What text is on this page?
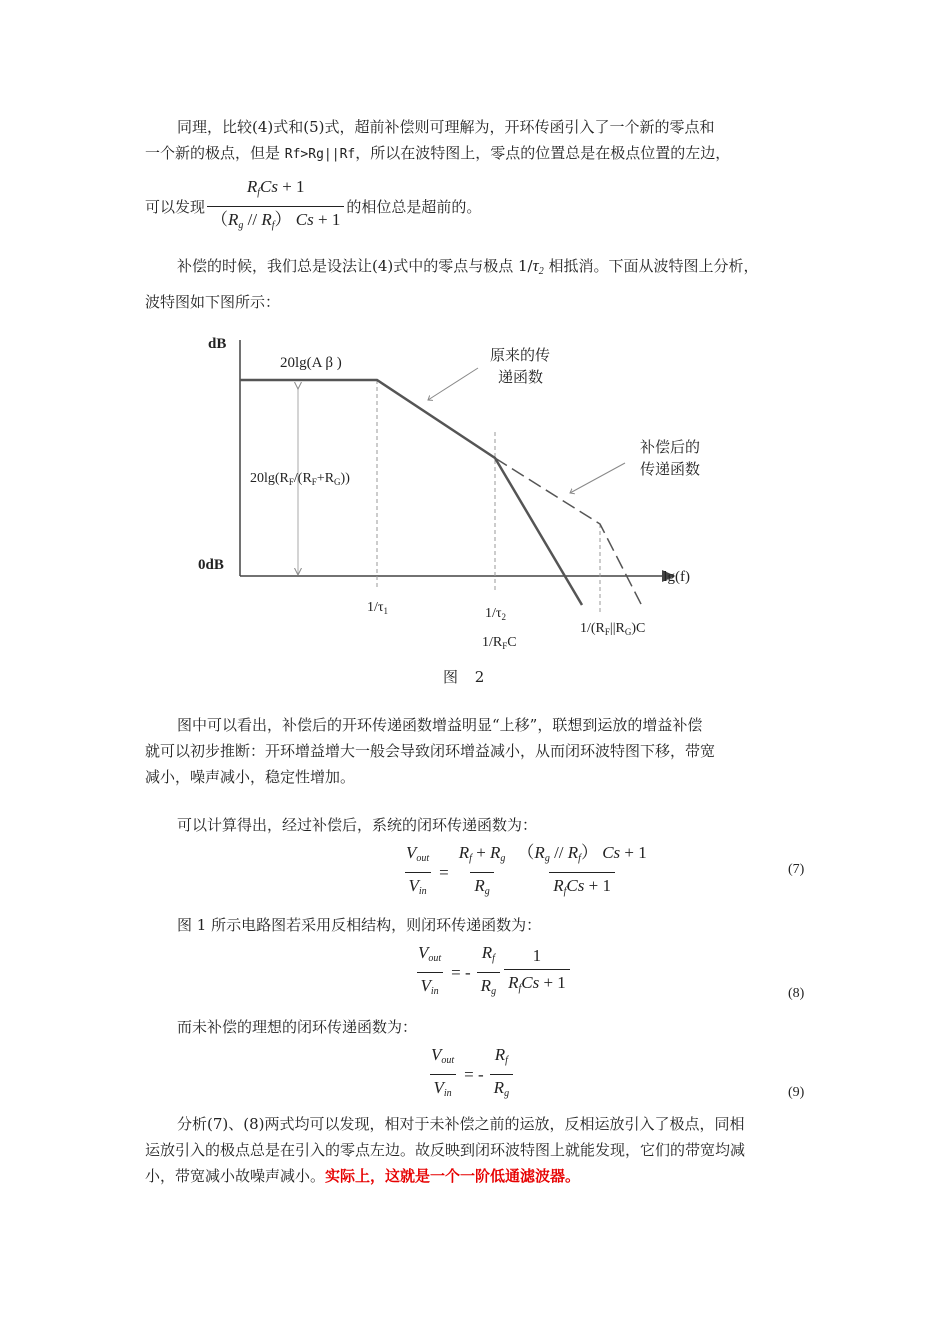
同理，比较(4)式和(5)式，超前补偿则可理解为，开环传函引入了一个新的零点和

一个新的极点，但是 Rf>Rg||Rf，所以在波特图上，零点的位置总是在极点位置的左边，

可以发现 $\frac{R_fCs + 1}{(R_g // R_f) Cs + 1}$ 的相位总是超前的。

补偿的时候，我们总是设法让(4)式中的零点与极点 $1/\tau_2$ 相抵消。下面从波特图上分析，

波特图如下图所示：

dB
0dB
lg(f)
20lg(A β )
$20\lg(R_F/(R_F+R_G))$
原来的传
递函数
补偿后的
传递函数
$1/\tau_1$	$1/\tau_2$
$1/R_FC$
$1/(R_F||R_G)C$
图 2

图中可以看出，补偿后的开环传递函数增益明显“上移”，联想到运放的增益补偿

就可以初步推断：开环增益增大一般会导致闭环增益减小，从而闭环波特图下移，带宽

减小，噪声减小，稳定性增加。

可以计算得出，经过补偿后，系统的闭环传递函数为：

$\frac{V_{out}}{V_{in}} = \frac{R_f + R_g}{R_g} \frac{(R_g // R_f) Cs + 1}{R_fCs + 1}$	(7)

图 1 所示电路图若采用反相结构，则闭环传递函数为：

$\frac{V_{out}}{V_{in}}$ = - $\frac{R_f}{R_g} \frac{1}{R_fCs + 1}$	(8)

而未补偿的理想的闭环传递函数为：

$\frac{V_{out}}{V_{in}}$ = - $\frac{R_f}{R_g}$	(9)

分析(7)、(8)两式均可以发现，相对于未补偿之前的运放，反相运放引入了极点，同相

运放引入的极点总是在引入的零点左边。故反映到闭环波特图上就能发现，它们的带宽均减

小，带宽减小故噪声减小。实际上，这就是一个一阶低通滤波器。
